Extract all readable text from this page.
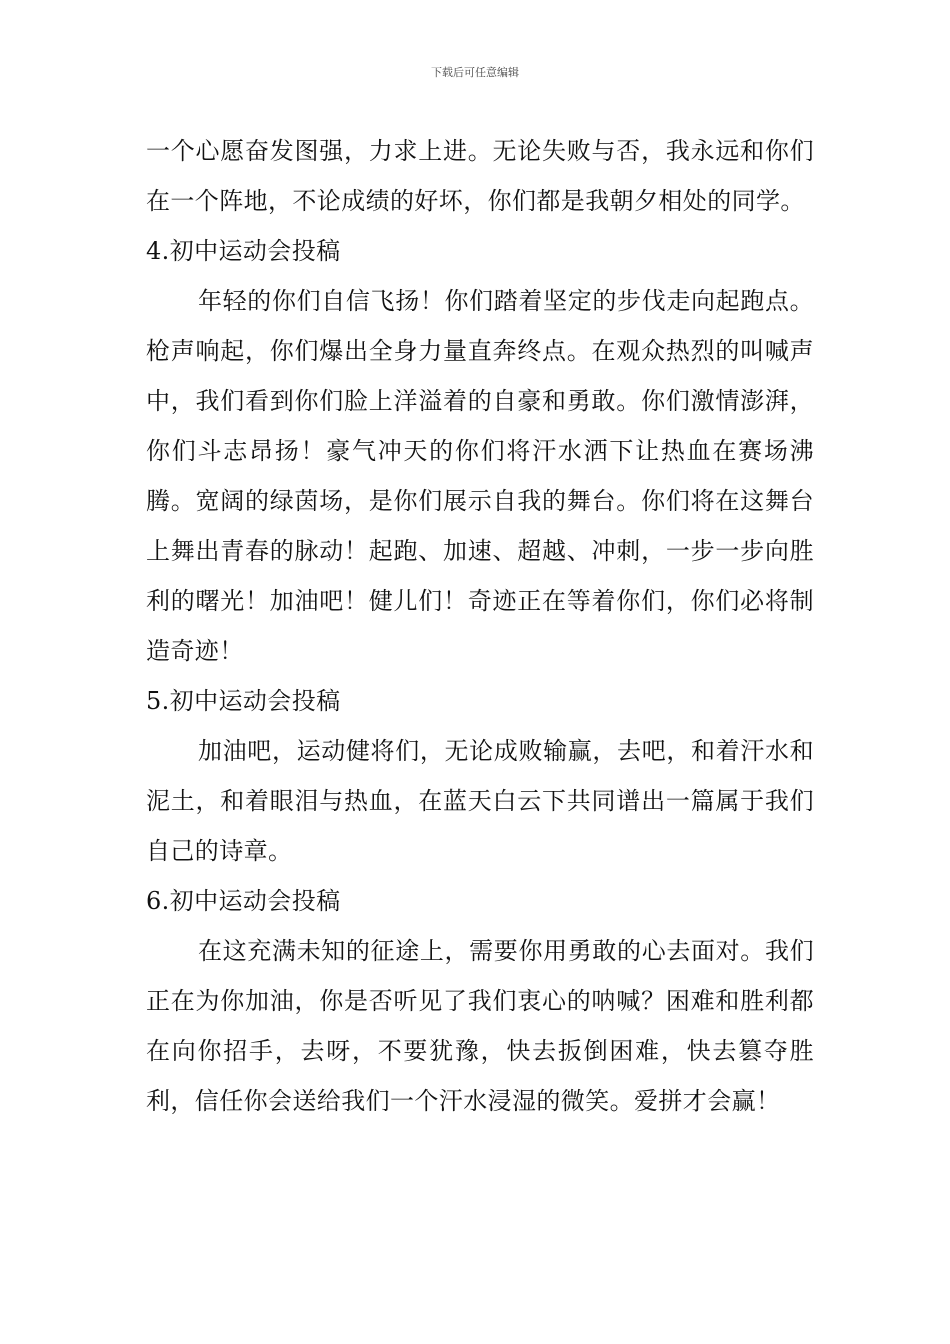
下载后可任意编辑

一个心愿奋发图强，力求上进。无论失败与否，我永远和你们在一个阵地，不论成绩的好坏，你们都是我朝夕相处的同学。

4.初中运动会投稿

年轻的你们自信飞扬！你们踏着坚定的步伐走向起跑点。枪声响起，你们爆出全身力量直奔终点。在观众热烈的叫喊声中，我们看到你们脸上洋溢着的自豪和勇敢。你们激情澎湃，你们斗志昂扬！豪气冲天的你们将汗水洒下让热血在赛场沸腾。宽阔的绿茵场，是你们展示自我的舞台。你们将在这舞台上舞出青春的脉动！起跑、加速、超越、冲刺，一步一步向胜利的曙光！加油吧！健儿们！奇迹正在等着你们，你们必将制造奇迹！

5.初中运动会投稿

加油吧，运动健将们，无论成败输赢，去吧，和着汗水和泥土，和着眼泪与热血，在蓝天白云下共同谱出一篇属于我们自己的诗章。

6.初中运动会投稿

在这充满未知的征途上，需要你用勇敢的心去面对。我们正在为你加油，你是否听见了我们衷心的呐喊？困难和胜利都在向你招手，去呀，不要犹豫，快去扳倒困难，快去篡夺胜利，信任你会送给我们一个汗水浸湿的微笑。爱拼才会赢！
